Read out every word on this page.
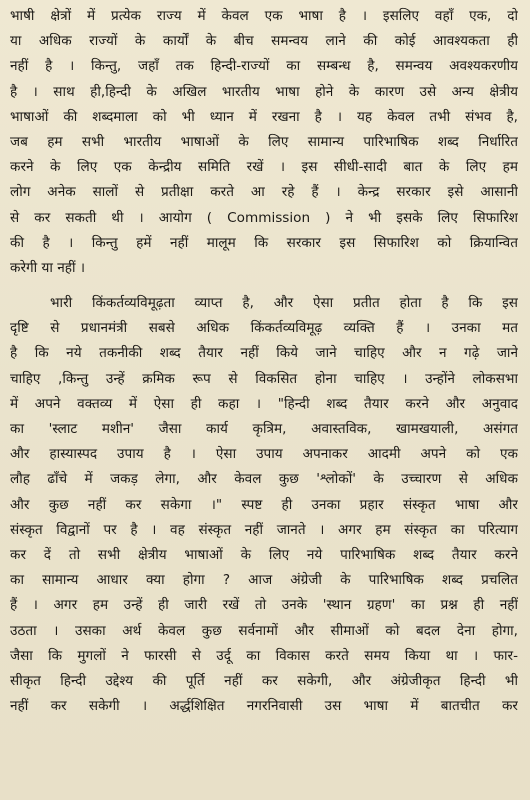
भाषी क्षेत्रों में प्रत्येक राज्य में केवल एक भाषा है । इसलिए वहाँ एक, दो
या अधिक राज्यों के कार्यों के बीच समन्वय लाने की कोई आवश्यकता ही
नहीं है । किन्तु, जहाँ तक हिन्दी-राज्यों का सम्बन्ध है, समन्वय अवश्यकरणीय
है । साथ ही,हिन्दी के अखिल भारतीय भाषा होने के कारण उसे अन्य क्षेत्रीय
भाषाओं की शब्दमाला को भी ध्यान में रखना है । यह केवल तभी संभव है,
जब हम सभी भारतीय भाषाओं के लिए सामान्य पारिभाषिक शब्द निर्धारित
करने के लिए एक केन्द्रीय समिति रखें । इस सीधी-सादी बात के लिए हम
लोग अनेक सालों से प्रतीक्षा करते आ रहे हैं । केन्द्र सरकार इसे आसानी
से कर सकती थी । आयोग ( Commission ) ने भी इसके लिए सिफारिश
की है । किन्तु हमें नहीं मालूम कि सरकार इस सिफारिश को क्रियान्वित
करेगी या नहीं ।
भारी किंकर्तव्यविमूढ़ता व्याप्त है, और ऐसा प्रतीत होता है कि इस
दृष्टि से प्रधानमंत्री सबसे अधिक किंकर्तव्यविमूढ़ व्यक्ति हैं । उनका मत
है कि नये तकनीकी शब्द तैयार नहीं किये जाने चाहिए और न गढ़े जाने
चाहिए ,किन्तु उन्हें क्रमिक रूप से विकसित होना चाहिए । उन्होंने लोकसभा
में अपने वक्तव्य में ऐसा ही कहा । "हिन्दी शब्द तैयार करने और अनुवाद
का 'स्लाट मशीन' जैसा कार्य कृत्रिम, अवास्तविक, खामखयाली, असंगत
और हास्यास्पद उपाय है । ऐसा उपाय अपनाकर आदमी अपने को एक
लौह ढाँचे में जकड़ लेगा, और केवल कुछ 'श्लोकों' के उच्चारण से अधिक
और कुछ नहीं कर सकेगा ।" स्पष्ट ही उनका प्रहार संस्कृत भाषा और
संस्कृत विद्वानों पर है । वह संस्कृत नहीं जानते । अगर हम संस्कृत का परित्याग
कर दें तो सभी क्षेत्रीय भाषाओं के लिए नये पारिभाषिक शब्द तैयार करने
का सामान्य आधार क्या होगा ? आज अंग्रेजी के पारिभाषिक शब्द प्रचलित
हैं । अगर हम उन्हें ही जारी रखें तो उनके 'स्थान ग्रहण' का प्रश्न ही नहीं
उठता । उसका अर्थ केवल कुछ सर्वनामों और सीमाओं को बदल देना होगा,
जैसा कि मुगलों ने फारसी से उर्दू का विकास करते समय किया था । फार-
सीकृत हिन्दी उद्देश्य की पूर्ति नहीं कर सकेगी, और अंग्रेजीकृत हिन्दी भी
नहीं कर सकेगी । अर्द्धशिक्षित नगरनिवासी उस भाषा में बातचीत कर
